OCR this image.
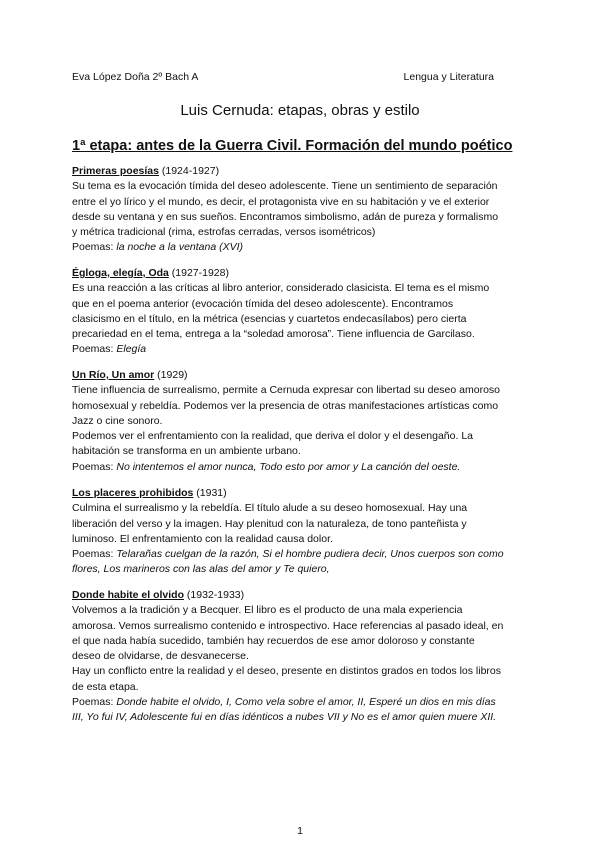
Eva López Doña 2º Bach A	Lengua y Literatura
Luis Cernuda: etapas, obras y estilo
1ª etapa: antes de la Guerra Civil. Formación del mundo poético

Primeras poesías (1924-1927)

Su tema es la evocación tímida del deseo adolescente. Tiene un sentimiento de separación entre el yo lírico y el mundo, es decir, el protagonista vive en su habitación y ve el exterior desde su ventana y en sus sueños. Encontramos simbolismo, adán de pureza y formalismo y métrica tradicional (rima, estrofas cerradas, versos isométricos)

Poemas: la noche a la ventana (XVI)

Égloga, elegía, Oda (1927-1928)

Es una reacción a las críticas al libro anterior, considerado clasicista. El tema es el mismo que en el poema anterior (evocación tímida del deseo adolescente). Encontramos clasicismo en el título, en la métrica (esencias y cuartetos endecasílabos) pero cierta precariedad en el tema, entrega a la “soledad amorosa”. Tiene influencia de Garcilaso.

Poemas: Elegía

Un Río, Un amor (1929)

Tiene influencia de surrealismo, permite a Cernuda expresar con libertad su deseo amoroso homosexual y rebeldía. Podemos ver la presencia de otras manifestaciones artísticas como Jazz o cine sonoro.

Podemos ver el enfrentamiento con la realidad, que deriva el dolor y el desengaño. La habitación se transforma en un ambiente urbano.

Poemas: No intentemos el amor nunca, Todo esto por amor y La canción del oeste.

Los placeres prohibidos (1931)

Culmina el surrealismo y la rebeldía. El título alude a su deseo homosexual. Hay una liberación del verso y la imagen. Hay plenitud con la naturaleza, de tono panteñista y luminoso. El enfrentamiento con la realidad causa dolor.

Poemas: Telarañas cuelgan de la razón, Si el hombre pudiera decir, Unos cuerpos son como flores, Los marineros con las alas del amor y Te quiero,

Donde habite el olvido (1932-1933)

Volvemos a la tradición y a Becquer. El libro es el producto de una mala experiencia amorosa. Vemos surrealismo contenido e introspectivo. Hace referencias al pasado ideal, en el que nada había sucedido, también hay recuerdos de ese amor doloroso y constante deseo de olvidarse, de desvanecerse.

Hay un conflicto entre la realidad y el deseo, presente en distintos grados en todos los libros de esta etapa.

Poemas: Donde habite el olvido, I, Como vela sobre el amor, II, Esperé un dios en mis días III, Yo fui IV, Adolescente fui en días idénticos a nubes VII y No es el amor quien muere XII.

1
